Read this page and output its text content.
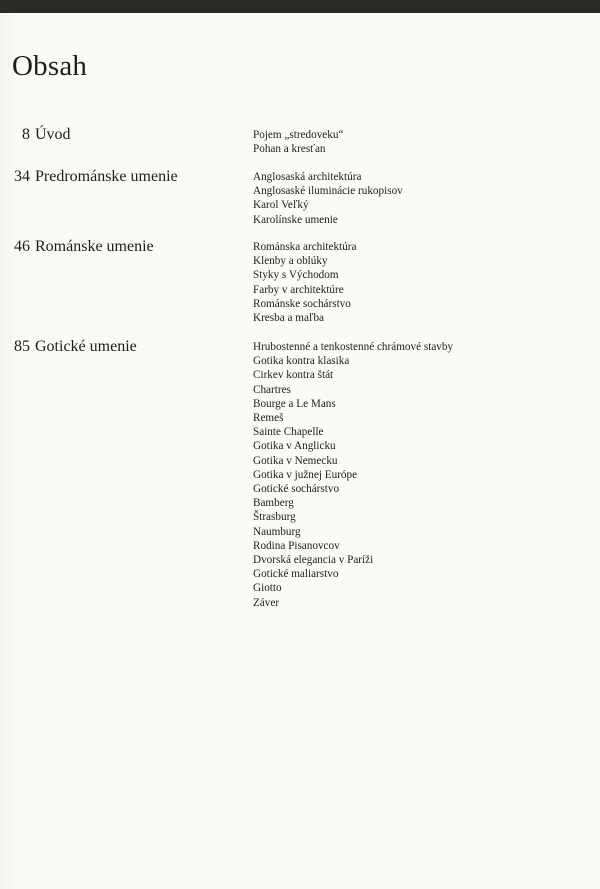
Obsah
8 Úvod	Pojem „stredoveku“
Pohan a kresťan
34 Predrománske umenie	Anglosaská architektúra
Anglosaské iluminácie rukopisov
Karol Veľký
Karolínske umenie
46 Románske umenie	Románska architektúra
Klenby a oblúky
Styky s Východom
Farby v architektúre
Románske sochárstvo
Kresba a maľba
85 Gotické umenie	Hrubostenné a tenkostenné chrámové stavby
Gotika kontra klasika
Cirkev kontra štát
Chartres
Bourge a Le Mans
Remeš
Sainte Chapelle
Gotika v Anglicku
Gotika v Nemecku
Gotika v južnej Európe
Gotické sochárstvo
Bamberg
Štrasburg
Naumburg
Rodina Pisanovcov
Dvorská elegancia v Paríži
Gotické maliarstvo
Giotto
Záver
